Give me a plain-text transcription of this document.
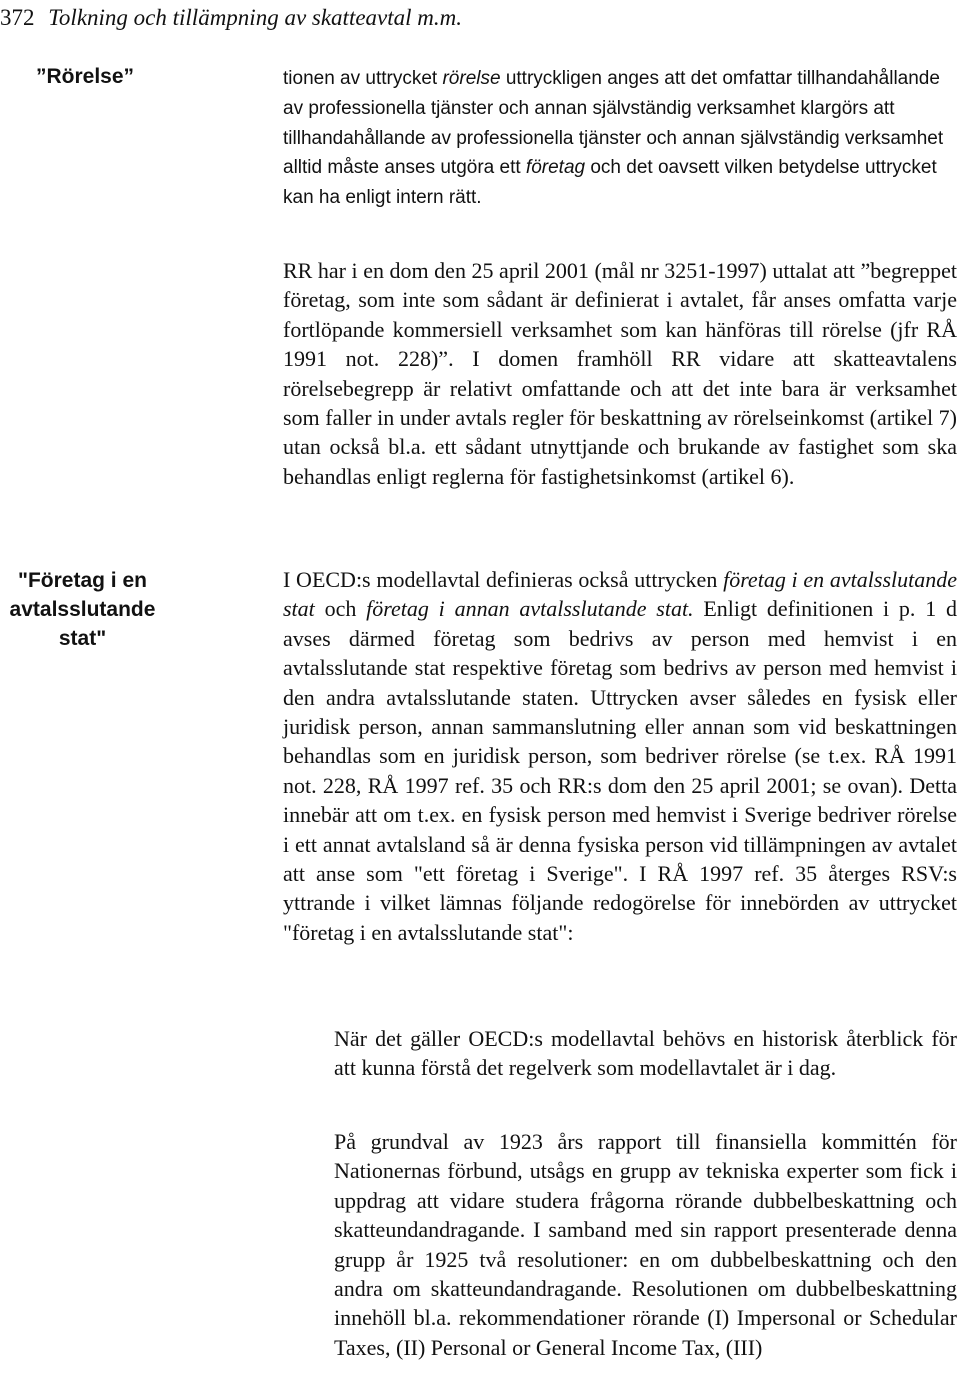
372 Tolkning och tillämpning av skatteavtal m.m.
”Rörelse”
"Företag i en avtalsslutande stat"

tionen av uttrycket rörelse uttryckligen anges att det omfattar tillhandahållande av professionella tjänster och annan självständig verksamhet klargörs att tillhandahållande av professionella tjänster och annan självständig verksamhet alltid måste anses utgöra ett företag och det oavsett vilken betydelse uttrycket kan ha enligt intern rätt.

RR har i en dom den 25 april 2001 (mål nr 3251-1997) uttalat att ”begreppet företag, som inte som sådant är definierat i avtalet, får anses omfatta varje fortlöpande kommersiell verksamhet som kan hänföras till rörelse (jfr RÅ 1991 not. 228)”. I domen framhöll RR vidare att skatteavtalens rörelsebegrepp är relativt omfattande och att det inte bara är verksamhet som faller in under avtals regler för beskattning av rörelseinkomst (artikel 7) utan också bl.a. ett sådant utnyttjande och brukande av fastighet som ska behandlas enligt reglerna för fastighetsinkomst (artikel 6).

I OECD:s modellavtal definieras också uttrycken företag i en avtalsslutande stat och företag i annan avtalsslutande stat. Enligt definitionen i p. 1 d avses därmed företag som bedrivs av person med hemvist i en avtalsslutande stat respektive företag som bedrivs av person med hemvist i den andra avtalsslutande staten. Uttrycken avser således en fysisk eller juridisk person, annan sammanslutning eller annan som vid beskattningen behandlas som en juridisk person, som bedriver rörelse (se t.ex. RÅ 1991 not. 228, RÅ 1997 ref. 35 och RR:s dom den 25 april 2001; se ovan). Detta innebär att om t.ex. en fysisk person med hemvist i Sverige bedriver rörelse i ett annat avtalsland så är denna fysiska person vid tillämpningen av avtalet att anse som "ett företag i Sverige". I RÅ 1997 ref. 35 återges RSV:s yttrande i vilket lämnas följande redogörelse för innebörden av uttrycket "företag i en avtalsslutande stat":

När det gäller OECD:s modellavtal behövs en historisk återblick för att kunna förstå det regelverk som modellavtalet är i dag.

På grundval av 1923 års rapport till finansiella kommittén för Nationernas förbund, utsågs en grupp av tekniska experter som fick i uppdrag att vidare studera frågorna rörande dubbelbeskattning och skatteundandragande. I samband med sin rapport presenterade denna grupp år 1925 två resolutioner: en om dubbelbeskattning och den andra om skatteundandragande. Resolutionen om dubbelbeskattning innehöll bl.a. rekommendationer rörande (I) Impersonal or Schedular Taxes, (II) Personal or General Income Tax, (III)
